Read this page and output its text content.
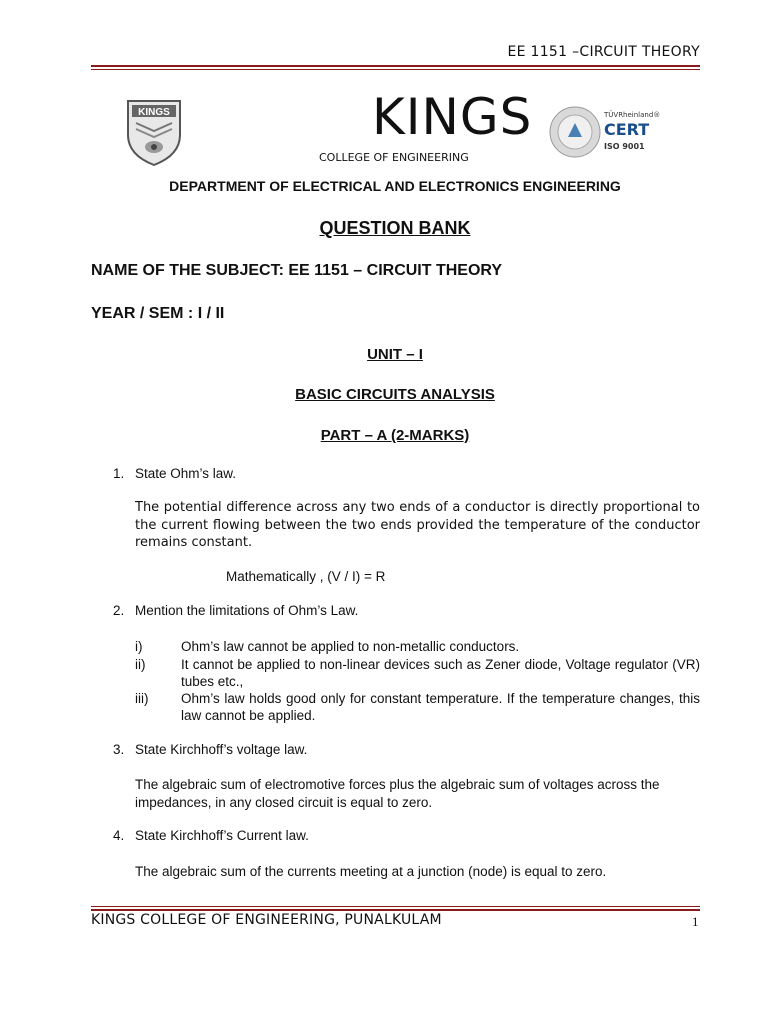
EE 1151 –CIRCUIT THEORY
KINGS	KINGS
COLLEGE OF ENGINEERING
TÜVRheinland®
CERT
ISO 9001
DEPARTMENT OF ELECTRICAL AND ELECTRONICS ENGINEERING
QUESTION BANK
NAME OF THE SUBJECT: EE 1151 – CIRCUIT THEORY
YEAR / SEM : I / II
UNIT – I
BASIC CIRCUITS ANALYSIS
PART – A (2-MARKS)
1. State Ohm’s law.
The potential difference across any two ends of a conductor is directly proportional to the current flowing between the two ends provided the temperature of the conductor remains constant.
Mathematically , (V / I) = R
2. Mention the limitations of Ohm’s Law.
i)	Ohm’s law cannot be applied to non-metallic conductors.
ii)	It cannot be applied to non-linear devices such as Zener diode, Voltage regulator (VR) tubes etc.,
iii) Ohm’s law holds good only for constant temperature. If the temperature changes, this law cannot be applied.
3. State Kirchhoff’s voltage law.
The algebraic sum of electromotive forces plus the algebraic sum of voltages across the impedances, in any closed circuit is equal to zero.
4. State Kirchhoff’s Current law.
The algebraic sum of the currents meeting at a junction (node) is equal to zero.
KINGS COLLEGE OF ENGINEERING, PUNALKULAM	1
